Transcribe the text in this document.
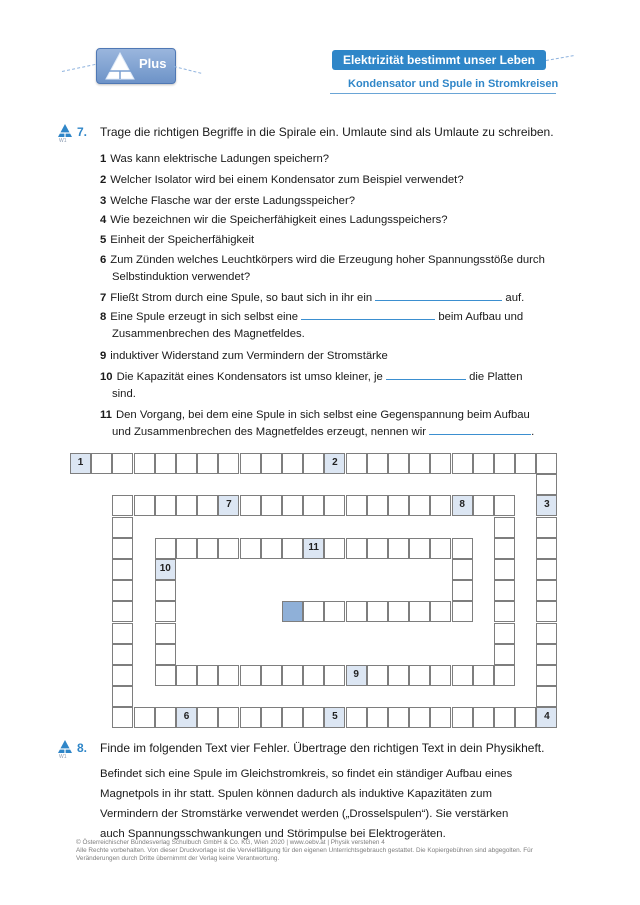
Plus	Elektrizität bestimmt unser Leben
Kondensator und Spule in Stromkreisen
W1
7. Trage die richtigen Begriffe in die Spirale ein. Umlaute sind als Umlaute zu schreiben.
1 Was kann elektrische Ladungen speichern?
2 Welcher Isolator wird bei einem Kondensator zum Beispiel verwendet?
3 Welche Flasche war der erste Ladungsspeicher?
4 Wie bezeichnen wir die Speicherfähigkeit eines Ladungsspeichers?
5 Einheit der Speicherfähigkeit
6 Zum Zünden welches Leuchtkörpers wird die Erzeugung hoher Spannungsstöße durch
Selbstinduktion verwendet?
7 Fließt Strom durch eine Spule, so baut sich in ihr ein	auf.
8 Eine Spule erzeugt in sich selbst eine	beim Aufbau und
Zusammenbrechen des Magnetfeldes.
9 induktiver Widerstand zum Vermindern der Stromstärke
10 Die Kapazität eines Kondensators ist umso kleiner, je	die Platten
sind.
11 Den Vorgang, bei dem eine Spule in sich selbst eine Gegenspannung beim Aufbau
und Zusammenbrechen des Magnetfeldes erzeugt, nennen wir	.
1	2
3
4
6	5
7	8
9
10
11
W1
8. Finde im folgenden Text vier Fehler. Übertrage den richtigen Text in dein Physikheft.
Befindet sich eine Spule im Gleichstromkreis, so findet ein ständiger Aufbau eines
Magnetpols in ihr statt. Spulen können dadurch als induktive Kapazitäten zum
Vermindern der Stromstärke verwendet werden („Drosselspulen“). Sie verstärken
auch Spannungsschwankungen und Störimpulse bei Elektrogeräten.
© Österreichischer Bundesverlag Schulbuch GmbH & Co. KG, Wien 2020 | www.oebv.at | Physik verstehen 4
Alle Rechte vorbehalten. Von dieser Druckvorlage ist die Vervielfältigung für den eigenen Unterrichtsgebrauch gestattet. Die Kopiergebühren sind abgegolten. Für
Veränderungen durch Dritte übernimmt der Verlag keine Verantwortung.
